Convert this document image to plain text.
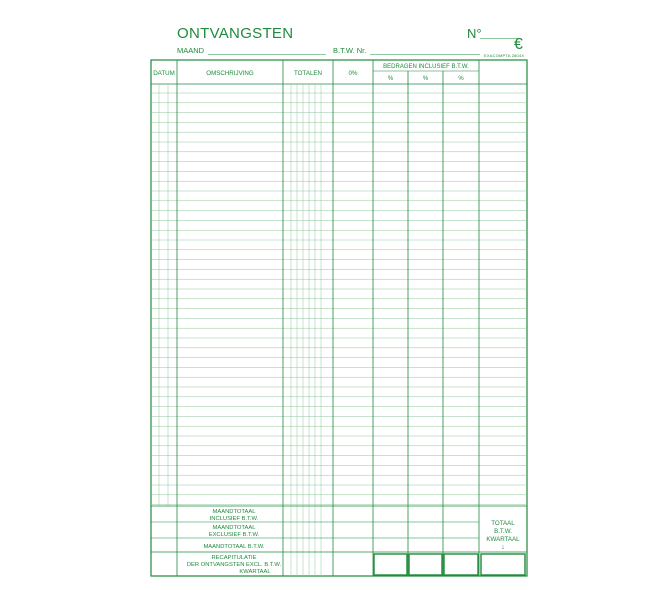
ONTVANGSTEN	N°
€
MAAND	B.T.W. Nr.
EXACOMPTA 2804X
DATUM	OMSCHRIJVING	TOTALEN	0%
BEDRAGEN INCLUSIEF B.T.W.
%	%	%
MAANDTOTAAL
INCLUSIEF B.T.W.
MAANDTOTAAL
EXCLUSIEF B.T.W.
MAANDTOTAAL B.T.W.
RECAPITULATIE
DER ONTVANGSTEN EXCL. B.T.W.
KWARTAAL
TOTAAL
B.T.W.
KWARTAAL
↓
